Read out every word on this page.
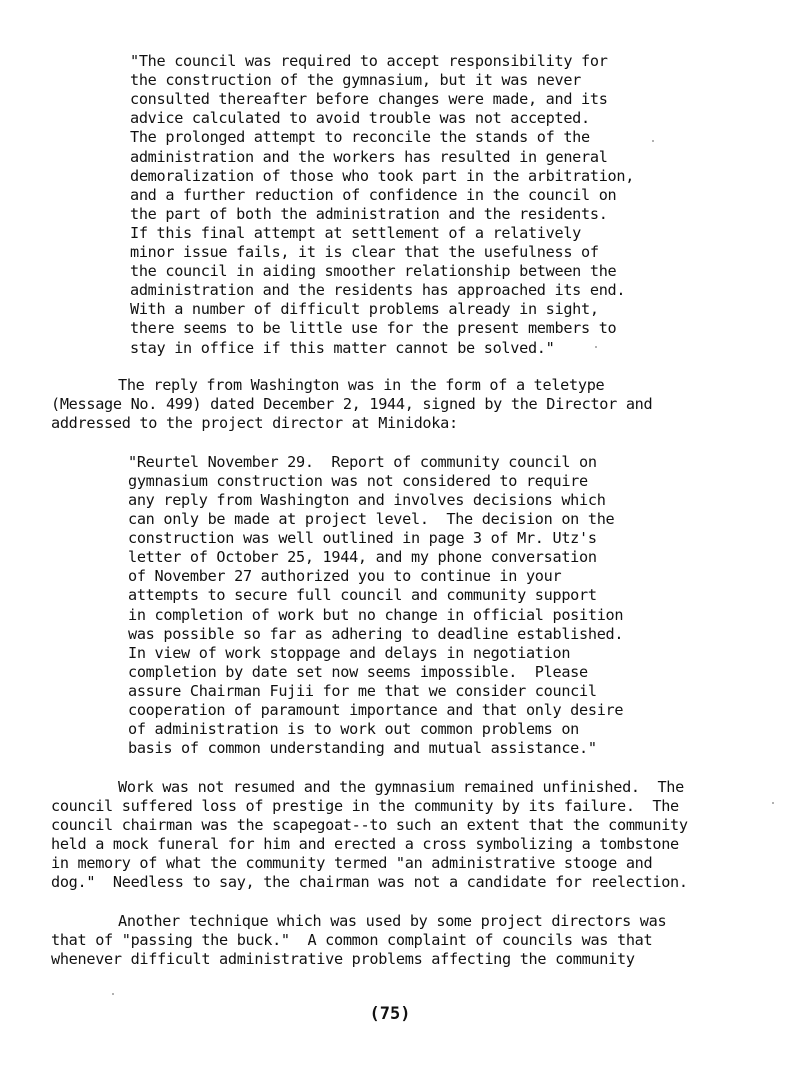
"The council was required to accept responsibility for
the construction of the gymnasium, but it was never
consulted thereafter before changes were made, and its
advice calculated to avoid trouble was not accepted.
The prolonged attempt to reconcile the stands of the
administration and the workers has resulted in general
demoralization of those who took part in the arbitration,
and a further reduction of confidence in the council on
the part of both the administration and the residents.
If this final attempt at settlement of a relatively
minor issue fails, it is clear that the usefulness of
the council in aiding smoother relationship between the
administration and the residents has approached its end.
With a number of difficult problems already in sight,
there seems to be little use for the present members to
stay in office if this matter cannot be solved."
The reply from Washington was in the form of a teletype
(Message No. 499) dated December 2, 1944, signed by the Director and
addressed to the project director at Minidoka:
"Reurtel November 29.  Report of community council on
gymnasium construction was not considered to require
any reply from Washington and involves decisions which
can only be made at project level.  The decision on the
construction was well outlined in page 3 of Mr. Utz's
letter of October 25, 1944, and my phone conversation
of November 27 authorized you to continue in your
attempts to secure full council and community support
in completion of work but no change in official position
was possible so far as adhering to deadline established.
In view of work stoppage and delays in negotiation
completion by date set now seems impossible.  Please
assure Chairman Fujii for me that we consider council
cooperation of paramount importance and that only desire
of administration is to work out common problems on
basis of common understanding and mutual assistance."
Work was not resumed and the gymnasium remained unfinished.  The
council suffered loss of prestige in the community by its failure.  The
council chairman was the scapegoat--to such an extent that the community
held a mock funeral for him and erected a cross symbolizing a tombstone
in memory of what the community termed "an administrative stooge and
dog."  Needless to say, the chairman was not a candidate for reelection.
Another technique which was used by some project directors was
that of "passing the buck."  A common complaint of councils was that
whenever difficult administrative problems affecting the community
(75)
